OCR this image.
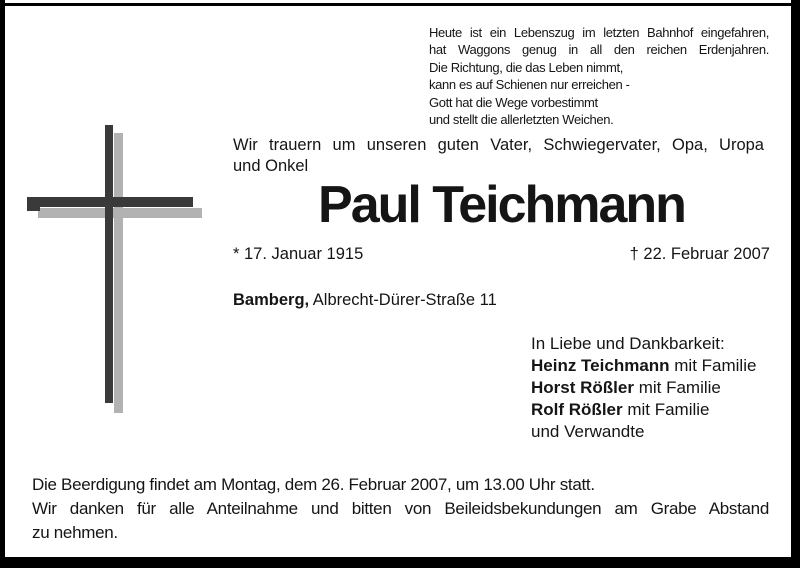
Heute ist ein Lebenszug im letzten Bahnhof eingefahren,
hat Waggons genug in all den reichen Erdenjahren.
Die Richtung, die das Leben nimmt,
kann es auf Schienen nur erreichen -
Gott hat die Wege vorbestimmt
und stellt die allerletzten Weichen.
Wir trauern um unseren guten Vater, Schwiegervater, Opa, Uropa
und Onkel
Paul Teichmann
* 17. Januar 1915	† 22. Februar 2007
Bamberg, Albrecht-Dürer-Straße 11
In Liebe und Dankbarkeit:
Heinz Teichmann mit Familie
Horst Rößler mit Familie
Rolf Rößler mit Familie
und Verwandte
Die Beerdigung findet am Montag, dem 26. Februar 2007, um 13.00 Uhr statt.
Wir danken für alle Anteilnahme und bitten von Beileidsbekundungen am Grabe Abstand
zu nehmen.
